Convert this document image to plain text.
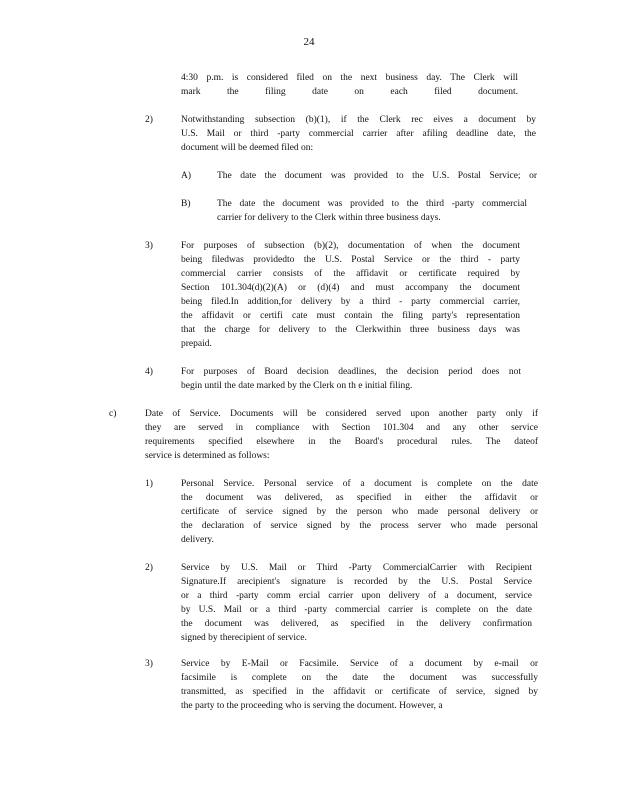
24
4:30 p.m. is considered filed on the next business day. The Clerk will
mark the filing date on each filed document.
2)	Notwithstanding subsection (b)(1), if the Clerk rec eives a document by
U.S. Mail or third -party commercial carrier after afiling deadline date, the
document will be deemed filed on:
A)	The date the document was provided to the U.S. Postal Service; or
B)	The date the document was provided to the third -party commercial
carrier for delivery to the Clerk within three business days.
3)	For purposes of subsection (b)(2), documentation of when the document
being filedwas providedto the U.S. Postal Service or the third - party
commercial carrier consists of the affidavit or certificate required by
Section 101.304(d)(2)(A) or (d)(4) and must accompany the document
being filed.In addition,for delivery by a third - party commercial carrier,
the affidavit or certifi cate must contain the filing party's representation
that the charge for delivery to the Clerkwithin three business days was
prepaid.
4)	For purposes of Board decision deadlines, the decision period does not
begin until the date marked by the Clerk on th e initial filing.
c)	Date of Service. Documents will be considered served upon another party only if
they are served in compliance with Section 101.304 and any other service
requirements specified elsewhere in the Board's procedural rules. The dateof
service is determined as follows:
1)	Personal Service. Personal service of a document is complete on the date
the document was delivered, as specified in either the affidavit or
certificate of service signed by the person who made personal delivery or
the declaration of service signed by the process server who made personal
delivery.
2)	Service by U.S. Mail or Third -Party CommercialCarrier with Recipient
Signature.If arecipient's signature is recorded by the U.S. Postal Service
or a third -party comm ercial carrier upon delivery of a document, service
by U.S. Mail or a third -party commercial carrier is complete on the date
the document was delivered, as specified in the delivery confirmation
signed by therecipient of service.
3)	Service by E-Mail or Facsimile. Service of a document by e-mail or
facsimile is complete on the date the document was successfully
transmitted, as specified in the affidavit or certificate of service, signed by
the party to the proceeding who is serving the document. However, a
